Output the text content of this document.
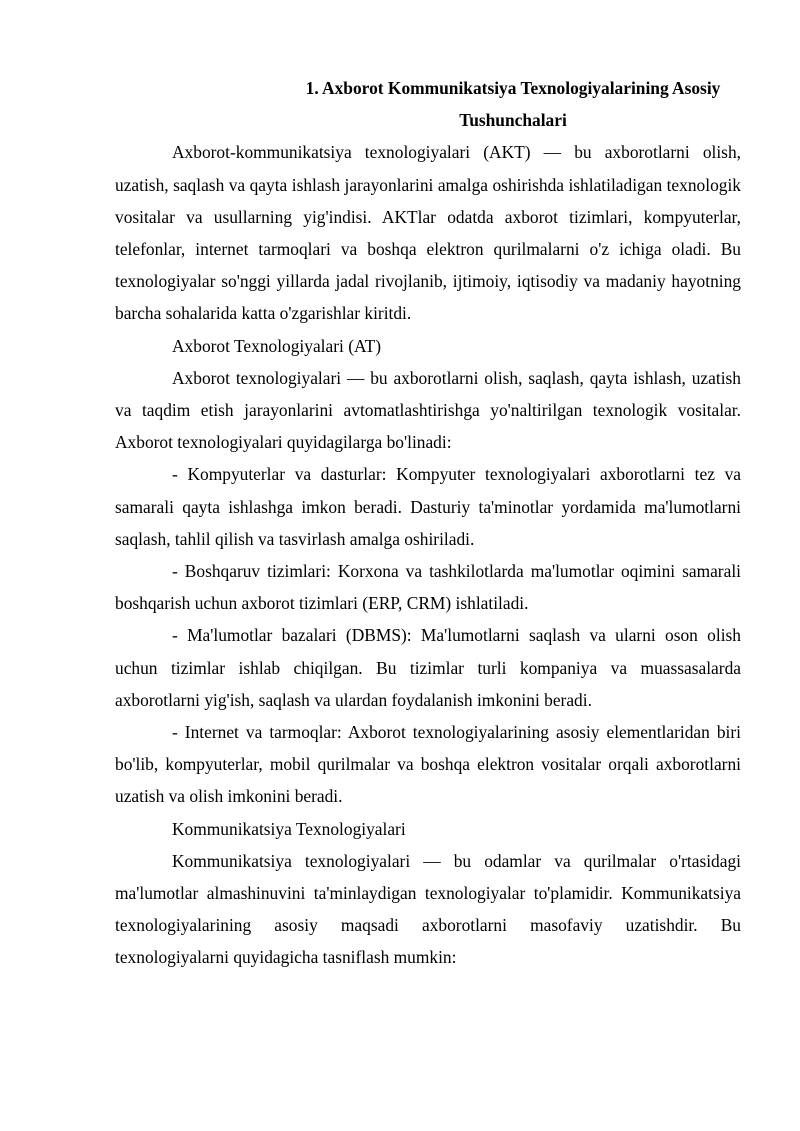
1. Axborot Kommunikatsiya Texnologiyalarining Asosiy Tushunchalari

Axborot-kommunikatsiya texnologiyalari (AKT) — bu axborotlarni olish, uzatish, saqlash va qayta ishlash jarayonlarini amalga oshirishda ishlatiladigan texnologik vositalar va usullarning yig'indisi. AKTlar odatda axborot tizimlari, kompyuterlar, telefonlar, internet tarmoqlari va boshqa elektron qurilmalarni o'z ichiga oladi. Bu texnologiyalar so'nggi yillarda jadal rivojlanib, ijtimoiy, iqtisodiy va madaniy hayotning barcha sohalarida katta o'zgarishlar kiritdi.

Axborot Texnologiyalari (AT)

Axborot texnologiyalari — bu axborotlarni olish, saqlash, qayta ishlash, uzatish va taqdim etish jarayonlarini avtomatlashtirishga yo'naltirilgan texnologik vositalar. Axborot texnologiyalari quyidagilarga bo'linadi:

- Kompyuterlar va dasturlar: Kompyuter texnologiyalari axborotlarni tez va samarali qayta ishlashga imkon beradi. Dasturiy ta'minotlar yordamida ma'lumotlarni saqlash, tahlil qilish va tasvirlash amalga oshiriladi.

- Boshqaruv tizimlari: Korxona va tashkilotlarda ma'lumotlar oqimini samarali boshqarish uchun axborot tizimlari (ERP, CRM) ishlatiladi.

- Ma'lumotlar bazalari (DBMS): Ma'lumotlarni saqlash va ularni oson olish uchun tizimlar ishlab chiqilgan. Bu tizimlar turli kompaniya va muassasalarda axborotlarni yig'ish, saqlash va ulardan foydalanish imkonini beradi.

- Internet va tarmoqlar: Axborot texnologiyalarining asosiy elementlaridan biri bo'lib, kompyuterlar, mobil qurilmalar va boshqa elektron vositalar orqali axborotlarni uzatish va olish imkonini beradi.

Kommunikatsiya Texnologiyalari

Kommunikatsiya texnologiyalari — bu odamlar va qurilmalar o'rtasidagi ma'lumotlar almashinuvini ta'minlaydigan texnologiyalar to'plamidir. Kommunikatsiya texnologiyalarining asosiy maqsadi axborotlarni masofaviy uzatishdir. Bu texnologiyalarni quyidagicha tasniflash mumkin:
